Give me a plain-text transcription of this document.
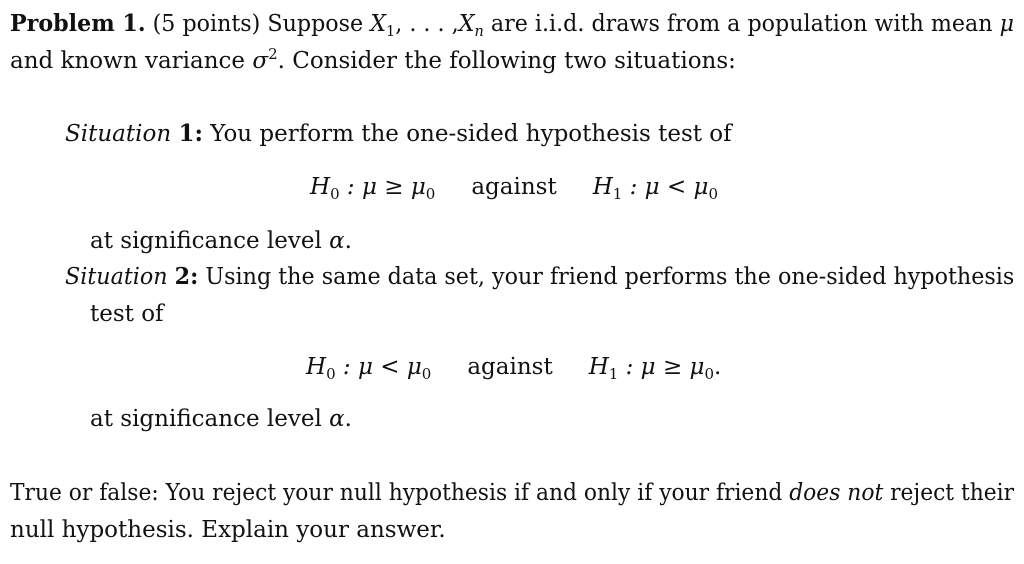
Problem 1. (5 points) Suppose $X_1$, . . . $,X_n$ are i.i.d. draws from a population with mean μ
and known variance $\sigma^2$. Consider the following two situations:
Situation 1: You perform the one-sided hypothesis test of
$H_0$ : $\mu \ge \mu_0$ against $H_1$ : $\mu < \mu_0$
at significance level α.
Situation 2: Using the same data set, your friend performs the one-sided hypothesis
test of
$H_0$ : $\mu < \mu_0$ against $H_1$ : $\mu \ge \mu_0$.
at significance level α.
True or false: You reject your null hypothesis if and only if your friend does not reject their
null hypothesis. Explain your answer.
